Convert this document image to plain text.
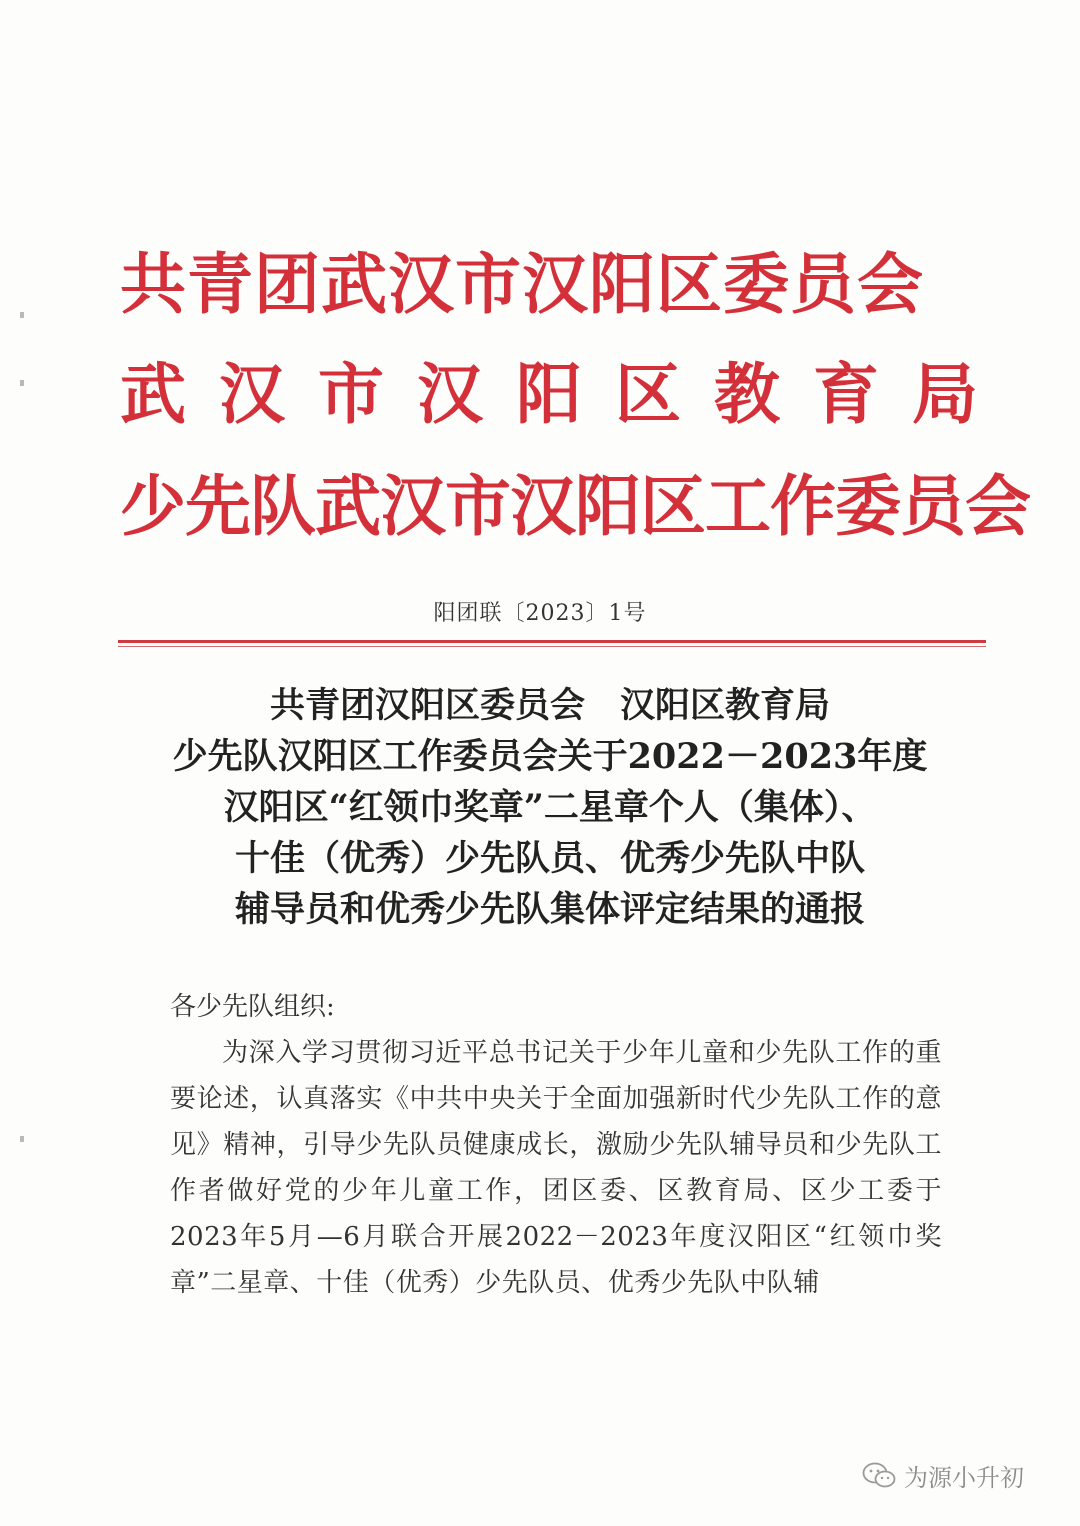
共青团武汉市汉阳区委员会
武汉市汉阳区教育局
少先队武汉市汉阳区工作委员会
阳团联〔2023〕1号
共青团汉阳区委员会　汉阳区教育局
少先队汉阳区工作委员会关于2022－2023年度
汉阳区“红领巾奖章”二星章个人（集体）、
十佳（优秀）少先队员、优秀少先队中队
辅导员和优秀少先队集体评定结果的通报
各少先队组织:

为深入学习贯彻习近平总书记关于少年儿童和少先队工作的重要论述，认真落实《中共中央关于全面加强新时代少先队工作的意见》精神，引导少先队员健康成长，激励少先队辅导员和少先队工作者做好党的少年儿童工作，团区委、区教育局、区少工委于2023年5月—6月联合开展2022－2023年度汉阳区“红领巾奖章”二星章、十佳（优秀）少先队员、优秀少先队中队辅

为源小升初
